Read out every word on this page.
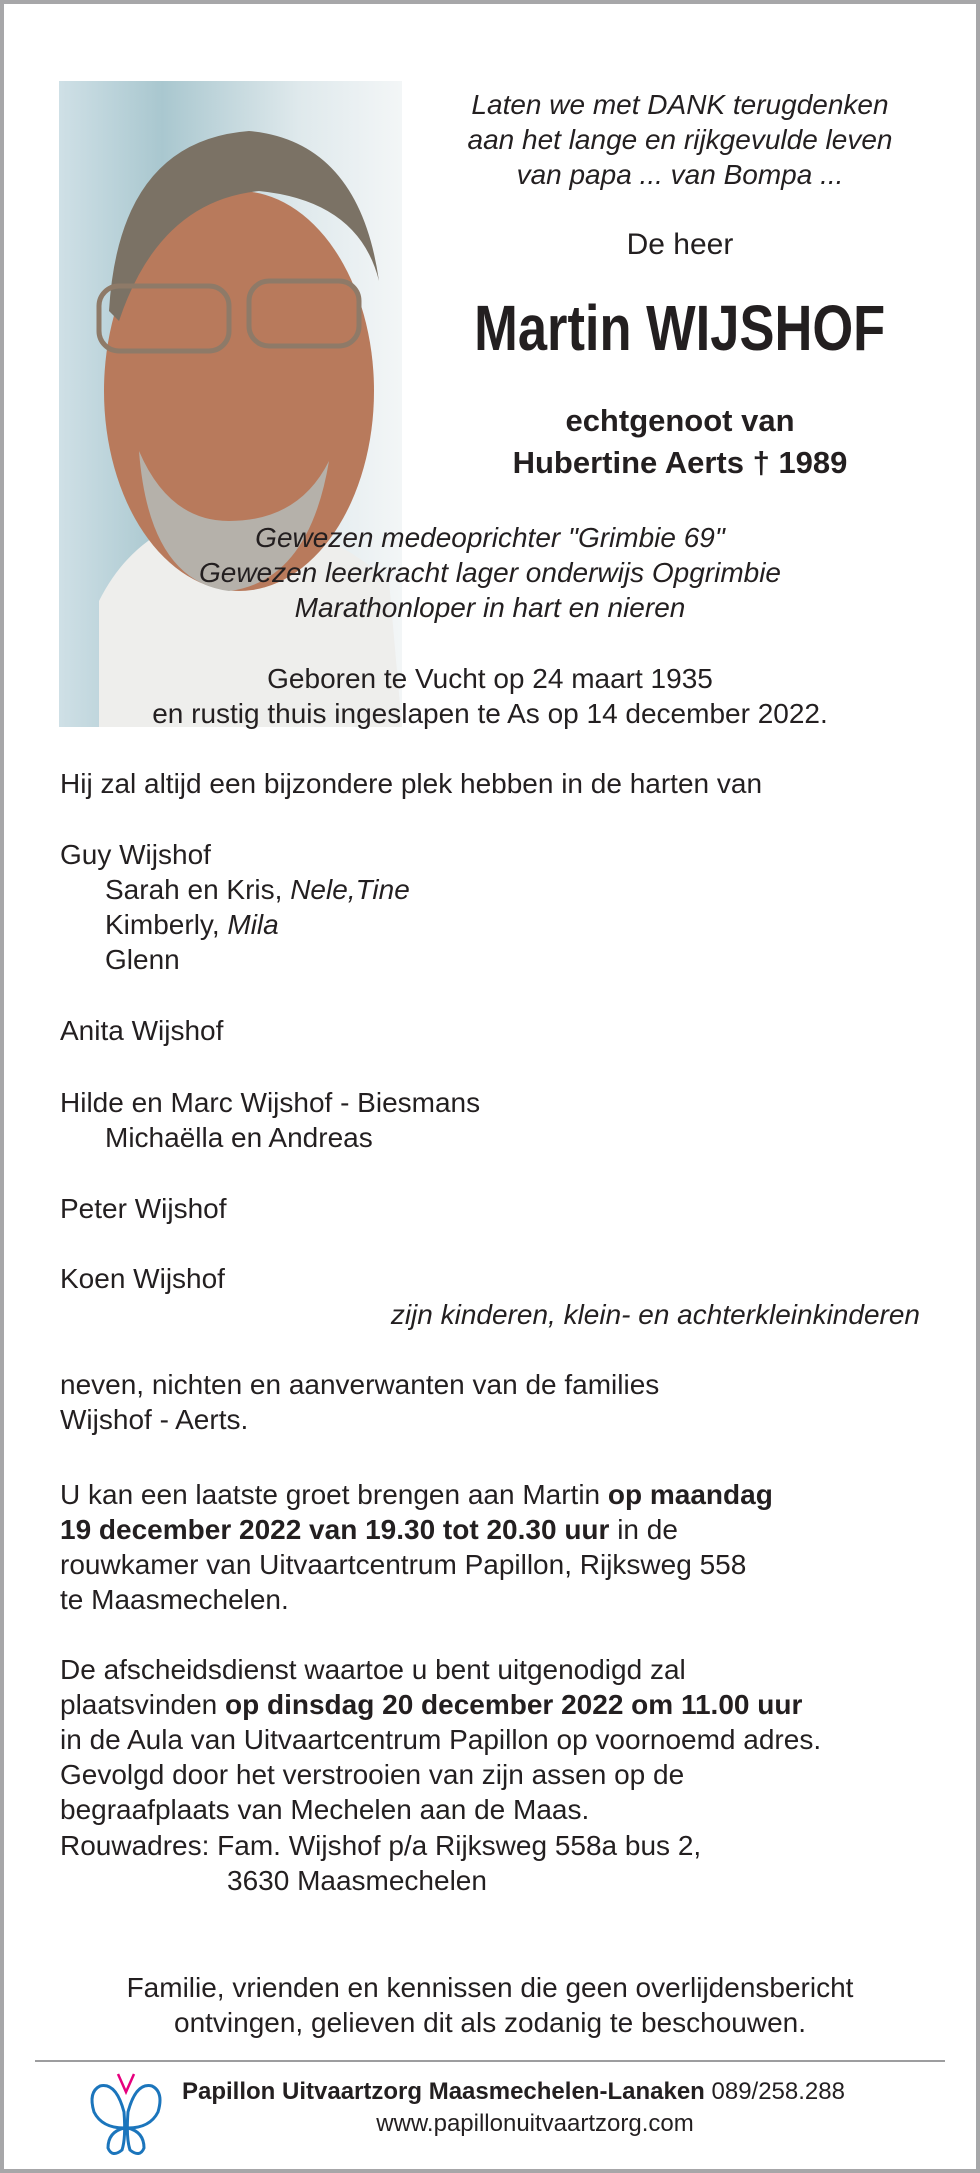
Laten we met DANK terugdenken
aan het lange en rijkgevulde leven
van papa ... van Bompa ...
De heer
Martin WIJSHOF
echtgenoot van
Hubertine Aerts † 1989
Gewezen medeoprichter "Grimbie 69"
Gewezen leerkracht lager onderwijs Opgrimbie
Marathonloper in hart en nieren
Geboren te Vucht op 24 maart 1935
en rustig thuis ingeslapen te As op 14 december 2022.
Hij zal altijd een bijzondere plek hebben in de harten van
Guy Wijshof
Sarah en Kris, Nele,Tine
Kimberly, Mila
Glenn
Anita Wijshof
Hilde en Marc Wijshof - Biesmans
Michaëlla en Andreas
Peter Wijshof
Koen Wijshof
zijn kinderen, klein- en achterkleinkinderen
neven, nichten en aanverwanten van de families
Wijshof - Aerts.
U kan een laatste groet brengen aan Martin op maandag
19 december 2022 van 19.30 tot 20.30 uur in de
rouwkamer van Uitvaartcentrum Papillon, Rijksweg 558
te Maasmechelen.
De afscheidsdienst waartoe u bent uitgenodigd zal
plaatsvinden op dinsdag 20 december 2022 om 11.00 uur
in de Aula van Uitvaartcentrum Papillon op voornoemd adres.
Gevolgd door het verstrooien van zijn assen op de
begraafplaats van Mechelen aan de Maas.
Rouwadres: Fam. Wijshof p/a Rijksweg 558a bus 2,
3630 Maasmechelen
Familie, vrienden en kennissen die geen overlijdensbericht
ontvingen, gelieven dit als zodanig te beschouwen.
Papillon Uitvaartzorg Maasmechelen-Lanaken 089/258.288
www.papillonuitvaartzorg.com
